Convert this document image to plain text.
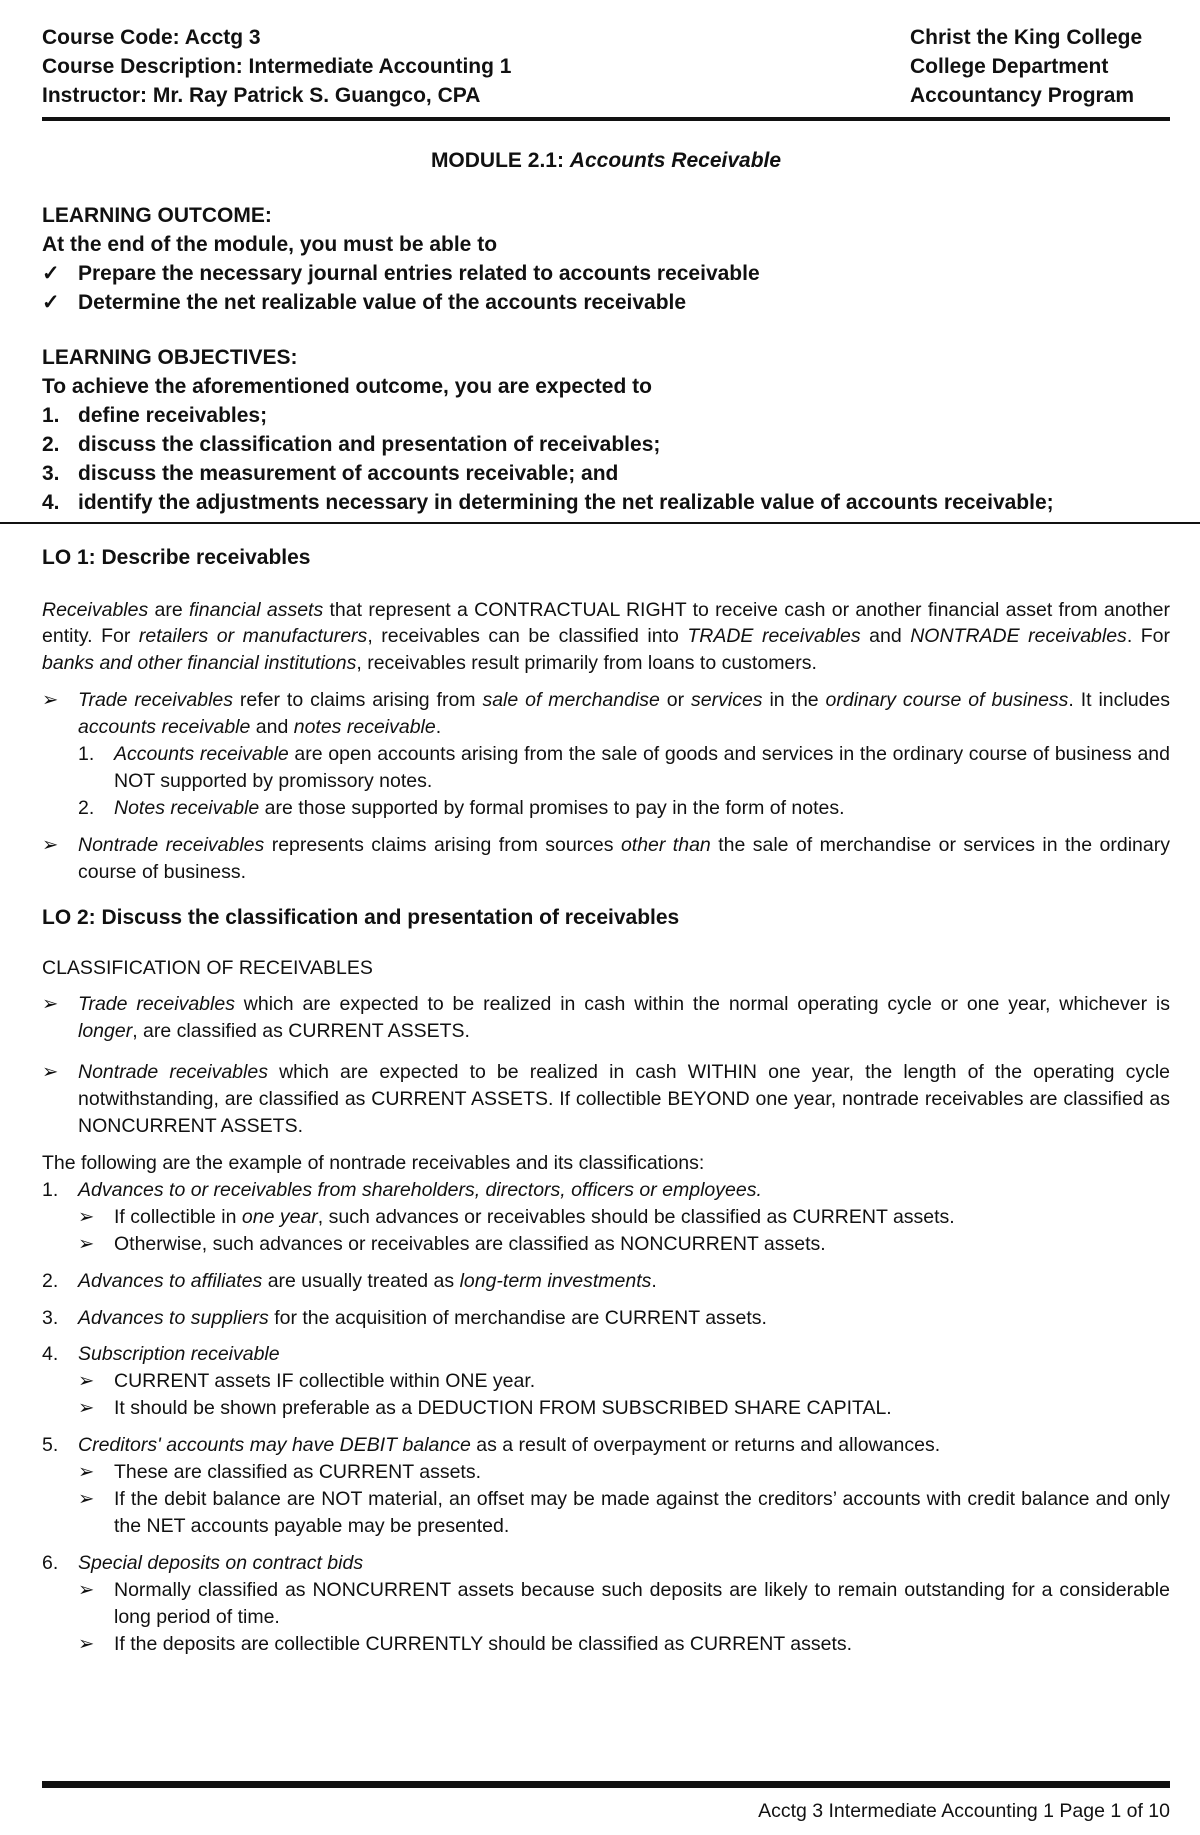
Course Code: Acctg 3
Course Description: Intermediate Accounting 1
Instructor: Mr. Ray Patrick S. Guangco, CPA
Christ the King College
College Department
Accountancy Program
MODULE 2.1: Accounts Receivable
LEARNING OUTCOME:
At the end of the module, you must be able to
✓ Prepare the necessary journal entries related to accounts receivable
✓ Determine the net realizable value of the accounts receivable
LEARNING OBJECTIVES:
To achieve the aforementioned outcome, you are expected to
1. define receivables;
2. discuss the classification and presentation of receivables;
3. discuss the measurement of accounts receivable; and
4. identify the adjustments necessary in determining the net realizable value of accounts receivable;
LO 1: Describe receivables

Receivables are financial assets that represent a CONTRACTUAL RIGHT to receive cash or another financial asset from another entity. For retailers or manufacturers, receivables can be classified into TRADE receivables and NONTRADE receivables. For banks and other financial institutions, receivables result primarily from loans to customers.

➢	Trade receivables refer to claims arising from sale of merchandise or services in the ordinary course of business. It includes accounts receivable and notes receivable.
1.	Accounts receivable are open accounts arising from the sale of goods and services in the ordinary course of business and NOT supported by promissory notes.
2.	Notes receivable are those supported by formal promises to pay in the form of notes.
➢	Nontrade receivables represents claims arising from sources other than the sale of merchandise or services in the ordinary course of business.
LO 2: Discuss the classification and presentation of receivables
CLASSIFICATION OF RECEIVABLES
➢	Trade receivables which are expected to be realized in cash within the normal operating cycle or one year, whichever is longer, are classified as CURRENT ASSETS.
➢	Nontrade receivables which are expected to be realized in cash WITHIN one year, the length of the operating cycle notwithstanding, are classified as CURRENT ASSETS. If collectible BEYOND one year, nontrade receivables are classified as NONCURRENT ASSETS.

The following are the example of nontrade receivables and its classifications:

1.	Advances to or receivables from shareholders, directors, officers or employees.
➢	If collectible in one year, such advances or receivables should be classified as CURRENT assets.
➢	Otherwise, such advances or receivables are classified as NONCURRENT assets.
2.	Advances to affiliates are usually treated as long-term investments.
3.	Advances to suppliers for the acquisition of merchandise are CURRENT assets.
4.	Subscription receivable
➢	CURRENT assets IF collectible within ONE year.
➢	It should be shown preferable as a DEDUCTION FROM SUBSCRIBED SHARE CAPITAL.
5.	Creditors' accounts may have DEBIT balance as a result of overpayment or returns and allowances.
➢	These are classified as CURRENT assets.
➢	If the debit balance are NOT material, an offset may be made against the creditors’ accounts with credit balance and only the NET accounts payable may be presented.
6.	Special deposits on contract bids
➢	Normally classified as NONCURRENT assets because such deposits are likely to remain outstanding for a considerable long period of time.
➢	If the deposits are collectible CURRENTLY should be classified as CURRENT assets.
Acctg 3 Intermediate Accounting 1 Page 1 of 10
